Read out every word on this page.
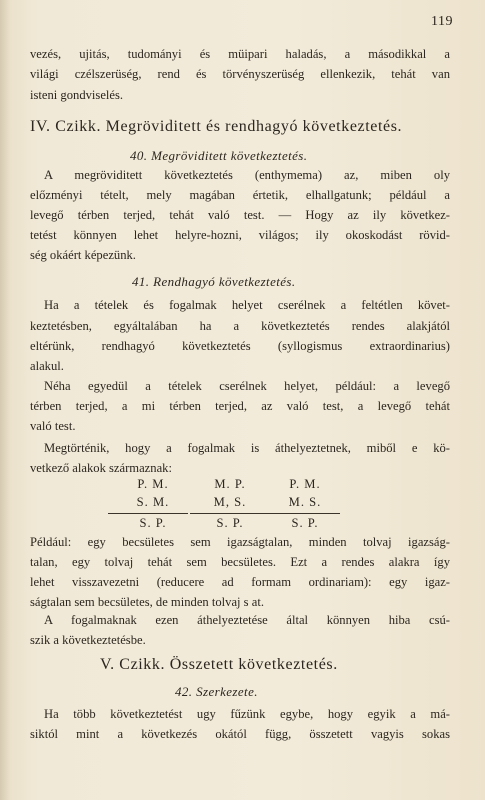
119
vezés, ujitás, tudományi és müipari haladás, a másodikkal a
világi czélszerüség, rend és törvényszerüség ellenkezik, tehát van
isteni gondviselés.
IV. Czikk. Megröviditett és rendhagyó következtetés.
40. Megröviditett következtetés.
A megröviditett következtetés (enthymema) az, miben oly
előzményi tételt, mely magában értetik, elhallgatunk; például a
levegő térben terjed, tehát való test. — Hogy az ily következ-
tetést könnyen lehet helyre-hozni, világos; ily okoskodást rövid-
ség okáért képezünk.
41. Rendhagyó következtetés.
Ha a tételek és fogalmak helyet cserélnek a feltétlen követ-
keztetésben, egyáltalában ha a következtetés rendes alakjától
eltérünk, rendhagyó következtetés (syllogismus extraordinarius)
alakul.
Néha egyedül a tételek cserélnek helyet, például: a levegő
térben terjed, a mi térben terjed, az való test, a levegő tehát
való test.
Megtörténik, hogy a fogalmak is áthelyeztetnek, miből e kö-
vetkező alakok származnak:
P. M.
S. M.
S. P.
M. P.
M, S.
S. P.
P. M.
M. S.
S. P.
Például: egy becsületes sem igazságtalan, minden tolvaj igazság-
talan, egy tolvaj tehát sem becsületes. Ezt a rendes alakra így
lehet visszavezetni (reducere ad formam ordinariam): egy igaz-
ságtalan sem becsületes, de minden tolvaj s at.
A fogalmaknak ezen áthelyeztetése által könnyen hiba csú-
szik a következtetésbe.
V. Czikk. Összetett következtetés.
42. Szerkezete.
Ha több következtetést ugy fűzünk egybe, hogy egyik a má-
siktól mint a következés okától függ, összetett vagyis sokas
